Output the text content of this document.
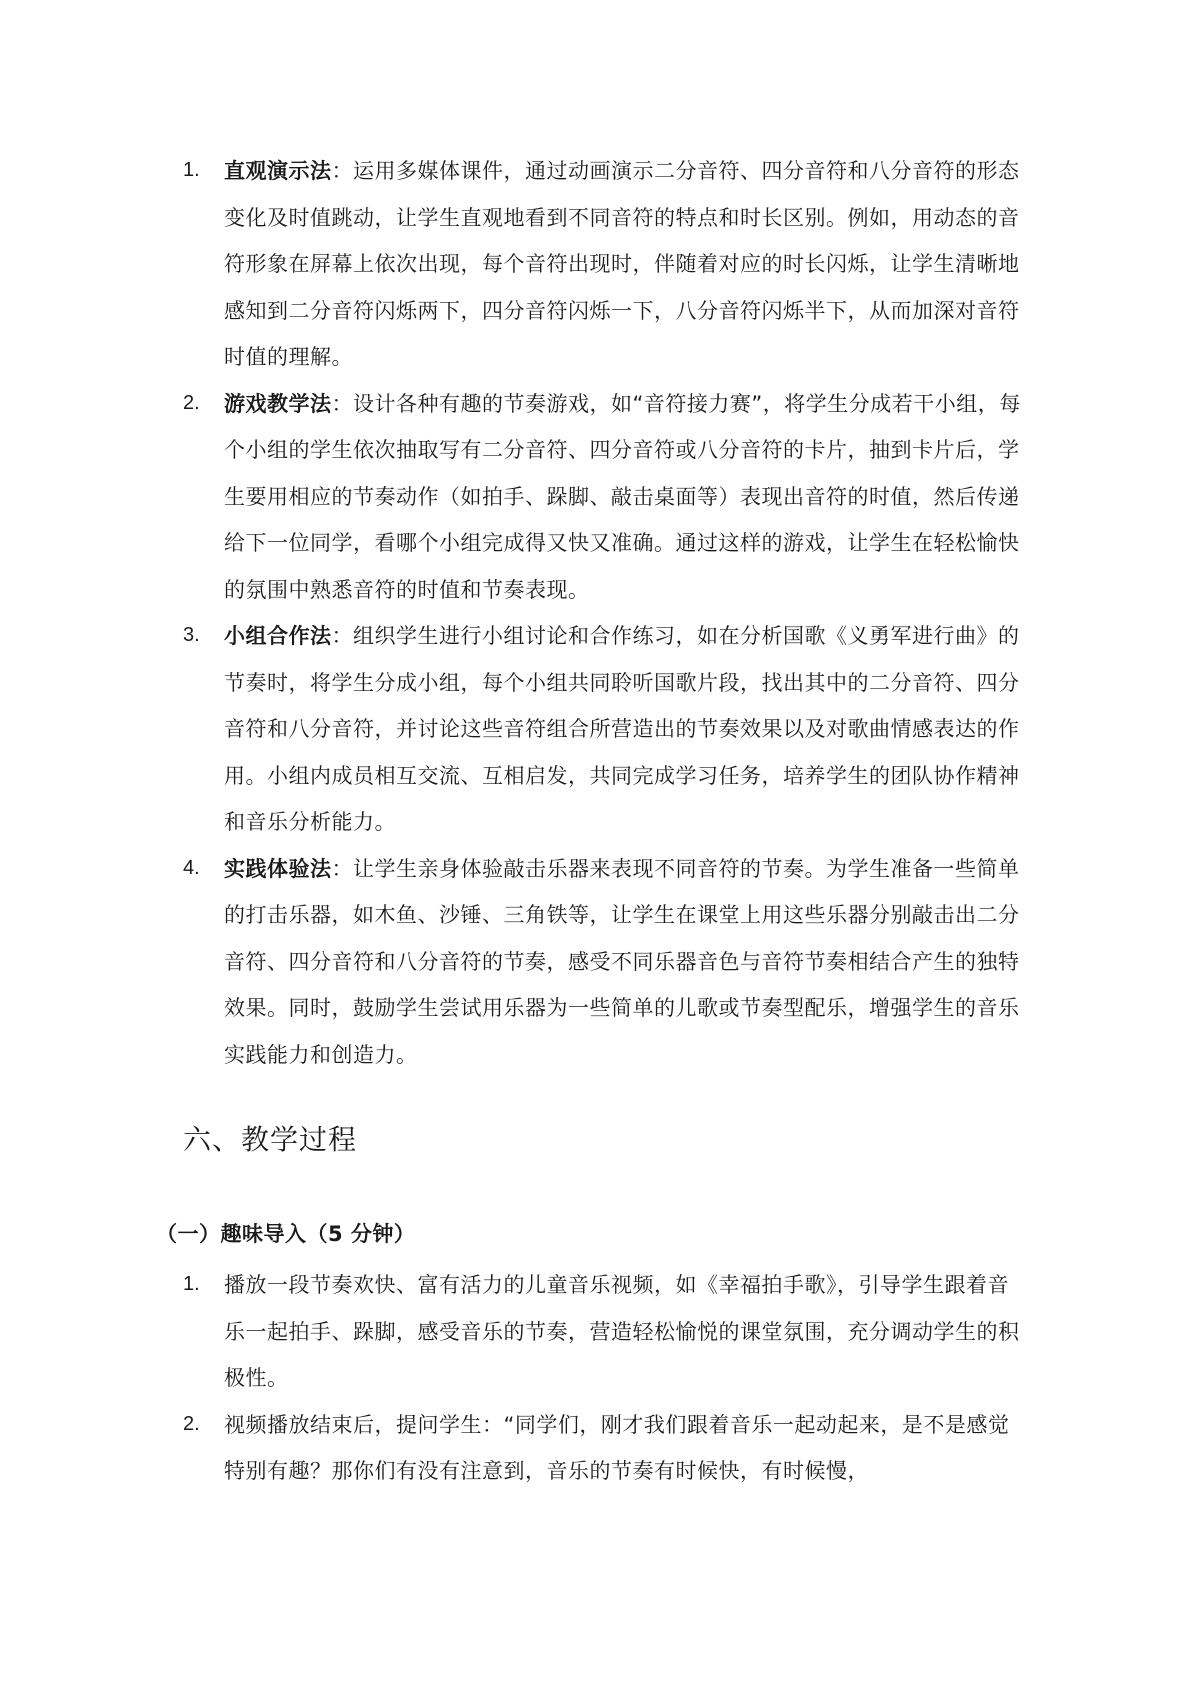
1. 直观演示法：运用多媒体课件，通过动画演示二分音符、四分音符和八分音符的形态变化及时值跳动，让学生直观地看到不同音符的特点和时长区别。例如，用动态的音符形象在屏幕上依次出现，每个音符出现时，伴随着对应的时长闪烁，让学生清晰地感知到二分音符闪烁两下，四分音符闪烁一下，八分音符闪烁半下，从而加深对音符时值的理解。
2. 游戏教学法：设计各种有趣的节奏游戏，如“音符接力赛”，将学生分成若干小组，每个小组的学生依次抽取写有二分音符、四分音符或八分音符的卡片，抽到卡片后，学生要用相应的节奏动作（如拍手、跺脚、敲击桌面等）表现出音符的时值，然后传递给下一位同学，看哪个小组完成得又快又准确。通过这样的游戏，让学生在轻松愉快的氛围中熟悉音符的时值和节奏表现。
3. 小组合作法：组织学生进行小组讨论和合作练习，如在分析国歌《义勇军进行曲》的节奏时，将学生分成小组，每个小组共同聆听国歌片段，找出其中的二分音符、四分音符和八分音符，并讨论这些音符组合所营造出的节奏效果以及对歌曲情感表达的作用。小组内成员相互交流、互相启发，共同完成学习任务，培养学生的团队协作精神和音乐分析能力。
4. 实践体验法：让学生亲身体验敲击乐器来表现不同音符的节奏。为学生准备一些简单的打击乐器，如木鱼、沙锤、三角铁等，让学生在课堂上用这些乐器分别敲击出二分音符、四分音符和八分音符的节奏，感受不同乐器音色与音符节奏相结合产生的独特效果。同时，鼓励学生尝试用乐器为一些简单的儿歌或节奏型配乐，增强学生的音乐实践能力和创造力。
六、教学过程
（一）趣味导入（5 分钟）
1. 播放一段节奏欢快、富有活力的儿童音乐视频，如《幸福拍手歌》，引导学生跟着音乐一起拍手、跺脚，感受音乐的节奏，营造轻松愉悦的课堂氛围，充分调动学生的积极性。
2. 视频播放结束后，提问学生：“同学们，刚才我们跟着音乐一起动起来，是不是感觉特别有趣？那你们有没有注意到，音乐的节奏有时候快，有时候慢，
